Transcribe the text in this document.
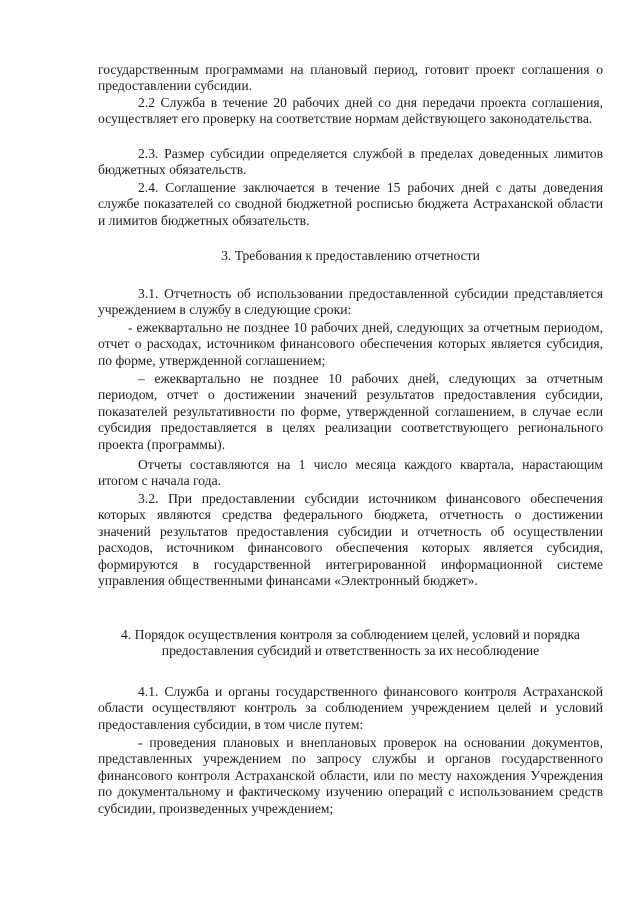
государственным программами на плановый период, готовит проект соглашения о предоставлении субсидии.

2.2 Служба в течение 20 рабочих дней со дня передачи проекта соглашения, осуществляет его проверку на соответствие нормам действующего законодательства.

2.3. Размер субсидии определяется службой в пределах доведенных лимитов бюджетных обязательств.

2.4. Соглашение заключается в течение 15 рабочих дней с даты доведения службе показателей со сводной бюджетной росписью бюджета Астраханской области и лимитов бюджетных обязательств.

3. Требования к предоставлению отчетности

3.1. Отчетность об использовании предоставленной субсидии представляется учреждением в службу в следующие сроки:

- ежеквартально не позднее 10 рабочих дней, следующих за отчетным периодом, отчет о расходах, источником финансового обеспечения которых является субсидия, по форме, утвержденной соглашением;

– ежеквартально не позднее 10 рабочих дней, следующих за отчетным периодом, отчет о достижении значений результатов предоставления субсидии, показателей результативности по форме, утвержденной соглашением, в случае если субсидия предоставляется в целях реализации соответствующего регионального проекта (программы).

Отчеты составляются на 1 число месяца каждого квартала, нарастающим итогом с начала года.

3.2. При предоставлении субсидии источником финансового обеспечения которых являются средства федерального бюджета, отчетность о достижении значений результатов предоставления субсидии и отчетность об осуществлении расходов, источником финансового обеспечения которых является субсидия, формируются в государственной интегрированной информационной системе управления общественными финансами «Электронный бюджет».

4. Порядок осуществления контроля за соблюдением целей, условий и порядка предоставления субсидий и ответственность за их несоблюдение

4.1. Служба и органы государственного финансового контроля Астраханской области осуществляют контроль за соблюдением учреждением целей и условий предоставления субсидии, в том числе путем:

- проведения плановых и внеплановых проверок на основании документов, представленных учреждением по запросу службы и органов государственного финансового контроля Астраханской области, или по месту нахождения Учреждения по документальному и фактическому изучению операций с использованием средств субсидии, произведенных учреждением;
